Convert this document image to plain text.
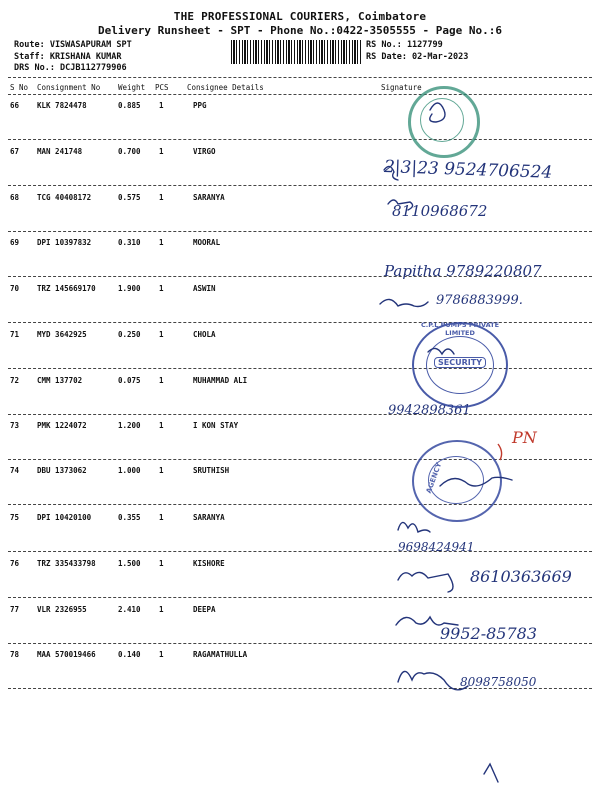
THE PROFESSIONAL COURIERS, Coimbatore
Delivery Runsheet - SPT - Phone No.:0422-3505555 - Page No.:6
Route: VISWASAPURAM SPT
Staff: KRISHANA KUMAR
DRS No.: DCJB112779906
RS No.: 1127799
RS Date: 02-Mar-2023
S No Consignment No Weight PCS Consignee Details	Signature
66 KLK 7824478	0.885 1	PPG
67 MAN 241748	0.700 1	VIRGO
68 TCG 40408172	0.575 1	SARANYA
69 DPI 10397832	0.310 1	MOORAL
70 TRZ 145669170	1.900 1	ASWIN
71 MYD 3642925	0.250 1	CHOLA
72 CMM 137702	0.075 1	MUHAMMAD ALI
73 PMK 1224072	1.200 1	I KON STAY
74 DBU 1373062	1.000 1	SRUTHISH
75 DPI 10420100	0.355 1	SARANYA
76 TRZ 335433798	1.500 1	KISHORE
77 VLR 2326955	2.410 1	DEEPA
78 MAA 570019466	0.140 1	RAGAMATHULLA
2|3|23 9524706524
8110968672
Papitha 9789220807
9786883999.
9942898361
PN
9698424941
8610363669
9952-85783
8098758050
C.P.L PUMPS PRIVATE LIMITED
SECURITY
AGENCY
